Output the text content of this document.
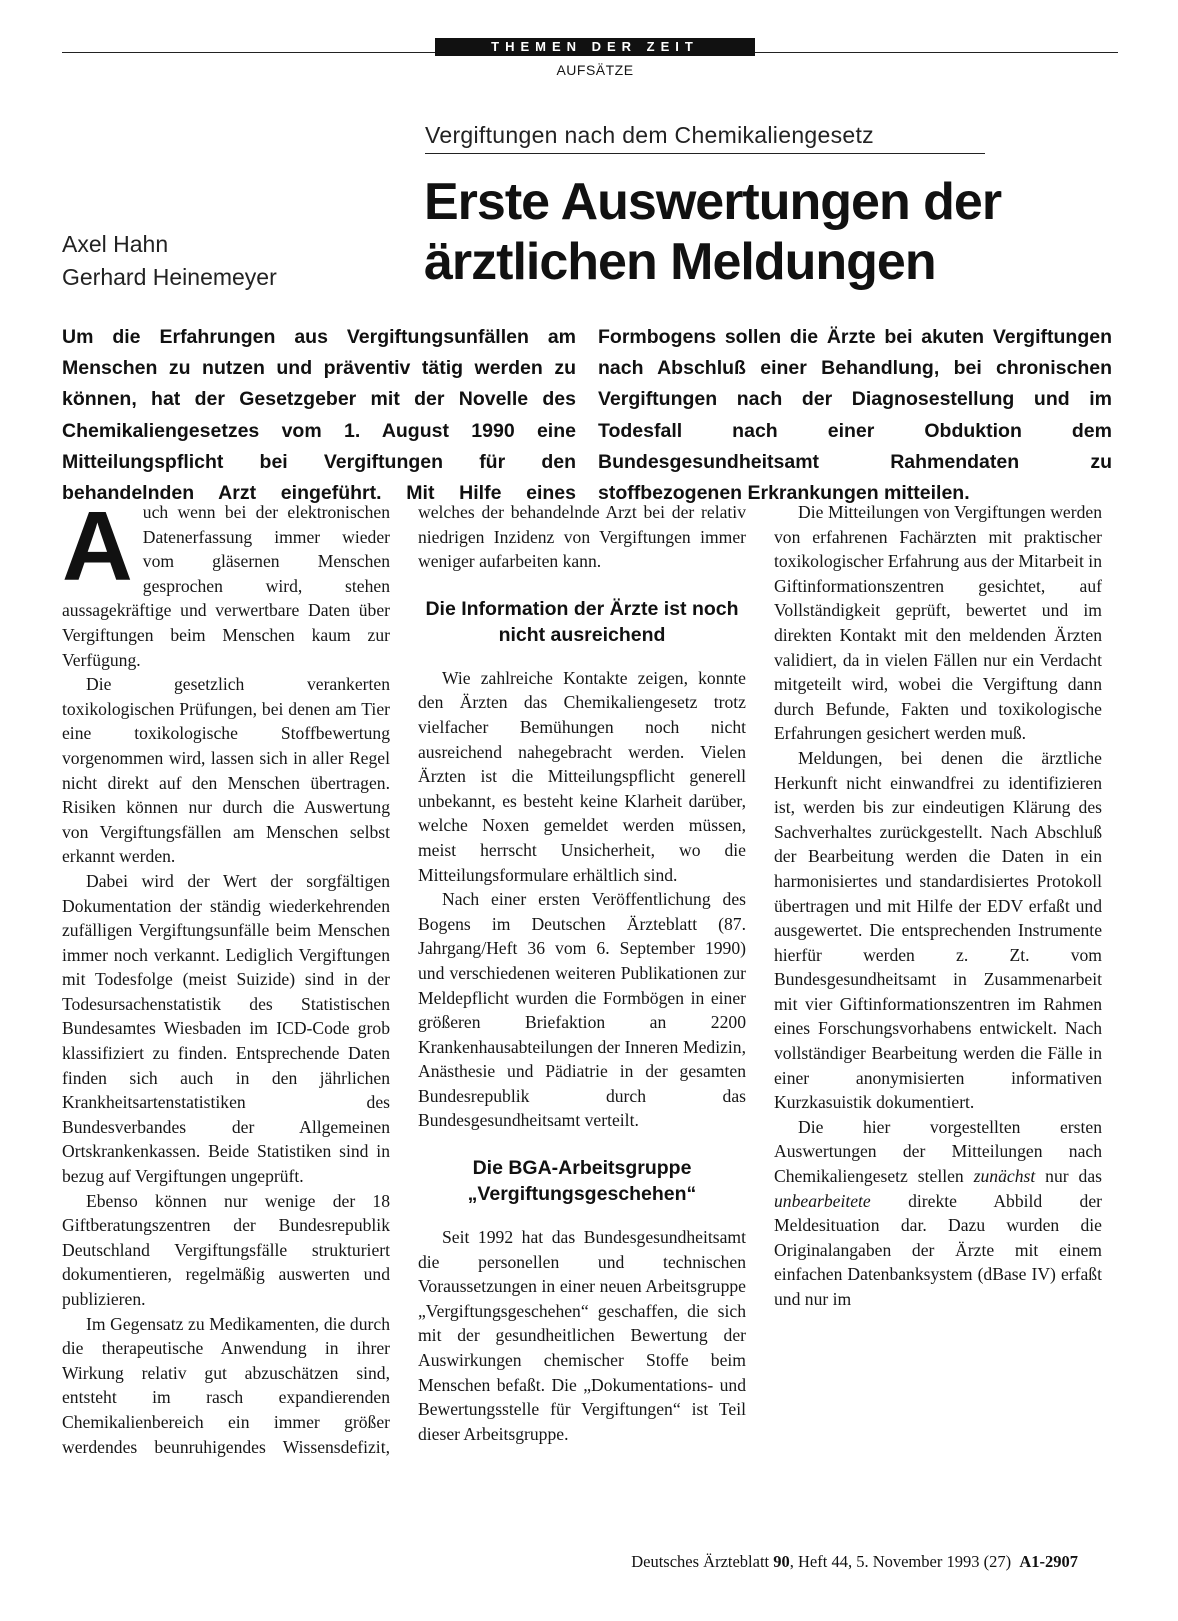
THEMEN DER ZEIT
AUFSÄTZE
Vergiftungen nach dem Chemikaliengesetz
Axel Hahn
Gerhard Heinemeyer
Erste Auswertungen der
ärztlichen Meldungen
Um die Erfahrungen aus Vergiftungsunfällen am Menschen zu nutzen und präventiv tätig werden zu können, hat der Gesetzgeber mit der Novelle des Chemikaliengesetzes vom 1. August 1990 eine Mitteilungspflicht bei Vergiftungen für den behandelnden Arzt eingeführt. Mit Hilfe eines Formbogens sollen die Ärzte bei akuten Vergiftungen nach Abschluß einer Behandlung, bei chronischen Vergiftungen nach der Diagnosestellung und im Todesfall nach einer Obduktion dem Bundesgesundheitsamt Rahmendaten zu stoffbezogenen Erkrankungen mitteilen.

Auch wenn bei der elektronischen Datenerfassung immer wieder vom gläsernen Menschen gesprochen wird, stehen aussagekräftige und verwertbare Daten über Vergiftungen beim Menschen kaum zur Verfügung.

Die gesetzlich verankerten toxikologischen Prüfungen, bei denen am Tier eine toxikologische Stoffbewertung vorgenommen wird, lassen sich in aller Regel nicht direkt auf den Menschen übertragen. Risiken können nur durch die Auswertung von Vergiftungsfällen am Menschen selbst erkannt werden.

Dabei wird der Wert der sorgfältigen Dokumentation der ständig wiederkehrenden zufälligen Vergiftungsunfälle beim Menschen immer noch verkannt. Lediglich Vergiftungen mit Todesfolge (meist Suizide) sind in der Todesursachenstatistik des Statistischen Bundesamtes Wiesbaden im ICD-Code grob klassifiziert zu finden. Entsprechende Daten finden sich auch in den jährlichen Krankheitsartenstatistiken des Bundesverbandes der Allgemeinen Ortskrankenkassen. Beide Statistiken sind in bezug auf Vergiftungen ungeprüft.

Ebenso können nur wenige der 18 Giftberatungszentren der Bundesrepublik Deutschland Vergiftungsfälle strukturiert dokumentieren, regelmäßig auswerten und publizieren.

Im Gegensatz zu Medikamenten, die durch die therapeutische Anwendung in ihrer Wirkung relativ gut abzuschätzen sind, entsteht im rasch expandierenden Chemikalienbereich ein immer größer werdendes beunruhigendes Wissensdefizit, welches der behandelnde Arzt bei der relativ niedrigen Inzidenz von Vergiftungen immer weniger aufarbeiten kann.

Die Information der Ärzte ist noch nicht ausreichend

Wie zahlreiche Kontakte zeigen, konnte den Ärzten das Chemikaliengesetz trotz vielfacher Bemühungen noch nicht ausreichend nahegebracht werden. Vielen Ärzten ist die Mitteilungspflicht generell unbekannt, es besteht keine Klarheit darüber, welche Noxen gemeldet werden müssen, meist herrscht Unsicherheit, wo die Mitteilungsformulare erhältlich sind.

Nach einer ersten Veröffentlichung des Bogens im Deutschen Ärzteblatt (87. Jahrgang/Heft 36 vom 6. September 1990) und verschiedenen weiteren Publikationen zur Meldepflicht wurden die Formbögen in einer größeren Briefaktion an 2200 Krankenhausabteilungen der Inneren Medizin, Anästhesie und Pädiatrie in der gesamten Bundesrepublik durch das Bundesgesundheitsamt verteilt.

Die BGA-Arbeitsgruppe „Vergiftungsgeschehen“

Seit 1992 hat das Bundesgesundheitsamt die personellen und technischen Voraussetzungen in einer neuen Arbeitsgruppe „Vergiftungsgeschehen“ geschaffen, die sich mit der gesundheitlichen Bewertung der Auswirkungen chemischer Stoffe beim Menschen befaßt. Die „Dokumentations- und Bewertungsstelle für Vergiftungen“ ist Teil dieser Arbeitsgruppe.

Die Mitteilungen von Vergiftungen werden von erfahrenen Fachärzten mit praktischer toxikologischer Erfahrung aus der Mitarbeit in Giftinformationszentren gesichtet, auf Vollständigkeit geprüft, bewertet und im direkten Kontakt mit den meldenden Ärzten validiert, da in vielen Fällen nur ein Verdacht mitgeteilt wird, wobei die Vergiftung dann durch Befunde, Fakten und toxikologische Erfahrungen gesichert werden muß.

Meldungen, bei denen die ärztliche Herkunft nicht einwandfrei zu identifizieren ist, werden bis zur eindeutigen Klärung des Sachverhaltes zurückgestellt. Nach Abschluß der Bearbeitung werden die Daten in ein harmonisiertes und standardisiertes Protokoll übertragen und mit Hilfe der EDV erfaßt und ausgewertet. Die entsprechenden Instrumente hierfür werden z. Zt. vom Bundesgesundheitsamt in Zusammenarbeit mit vier Giftinformationszentren im Rahmen eines Forschungsvorhabens entwickelt. Nach vollständiger Bearbeitung werden die Fälle in einer anonymisierten informativen Kurzkasuistik dokumentiert.

Die hier vorgestellten ersten Auswertungen der Mitteilungen nach Chemikaliengesetz stellen zunächst nur das unbearbeitete direkte Abbild der Meldesituation dar. Dazu wurden die Originalangaben der Ärzte mit einem einfachen Datenbanksystem (dBase IV) erfaßt und nur im

Deutsches Ärzteblatt 90, Heft 44, 5. November 1993 (27) A1-2907
